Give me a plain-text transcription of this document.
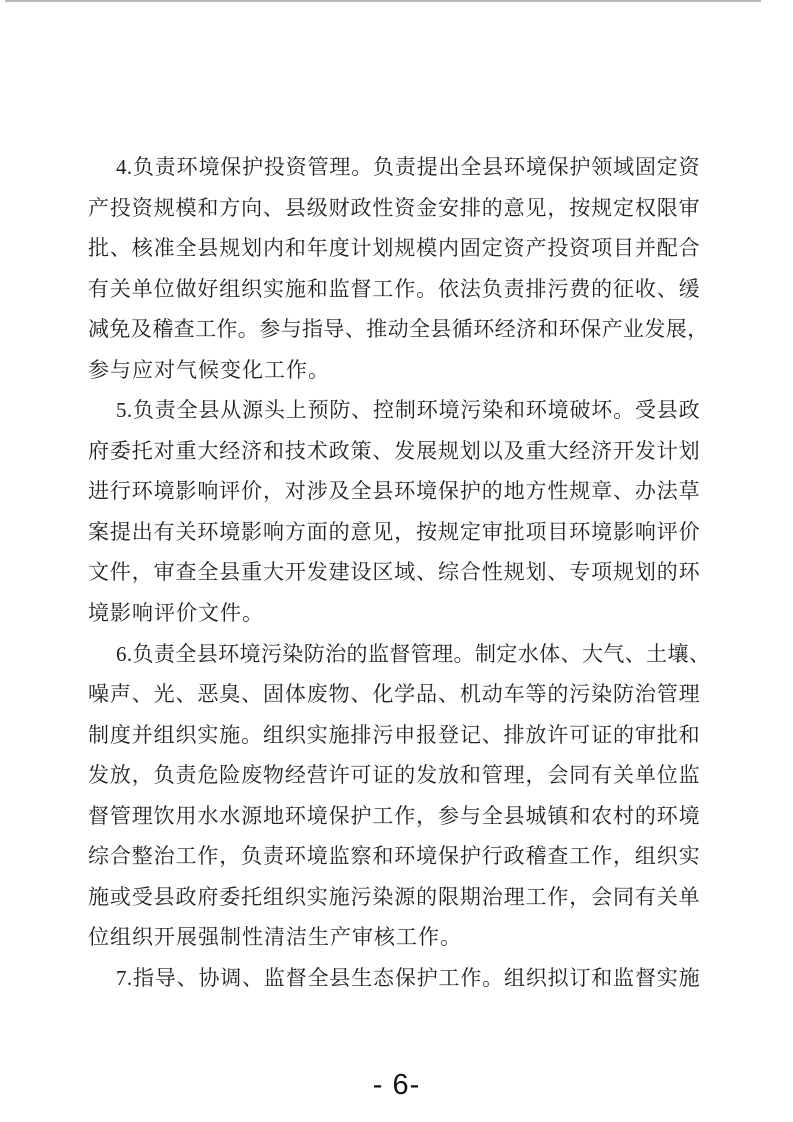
4.负责环境保护投资管理。负责提出全县环境保护领域固定资
产投资规模和方向、县级财政性资金安排的意见，按规定权限审
批、核准全县规划内和年度计划规模内固定资产投资项目并配合
有关单位做好组织实施和监督工作。依法负责排污费的征收、缓
减免及稽查工作。参与指导、推动全县循环经济和环保产业发展，
参与应对气候变化工作。
5.负责全县从源头上预防、控制环境污染和环境破坏。受县政
府委托对重大经济和技术政策、发展规划以及重大经济开发计划
进行环境影响评价，对涉及全县环境保护的地方性规章、办法草
案提出有关环境影响方面的意见，按规定审批项目环境影响评价
文件，审查全县重大开发建设区域、综合性规划、专项规划的环
境影响评价文件。
6.负责全县环境污染防治的监督管理。制定水体、大气、土壤、
噪声、光、恶臭、固体废物、化学品、机动车等的污染防治管理
制度并组织实施。组织实施排污申报登记、排放许可证的审批和
发放，负责危险废物经营许可证的发放和管理，会同有关单位监
督管理饮用水水源地环境保护工作，参与全县城镇和农村的环境
综合整治工作，负责环境监察和环境保护行政稽查工作，组织实
施或受县政府委托组织实施污染源的限期治理工作，会同有关单
位组织开展强制性清洁生产审核工作。
7.指导、协调、监督全县生态保护工作。组织拟订和监督实施
- 6-
